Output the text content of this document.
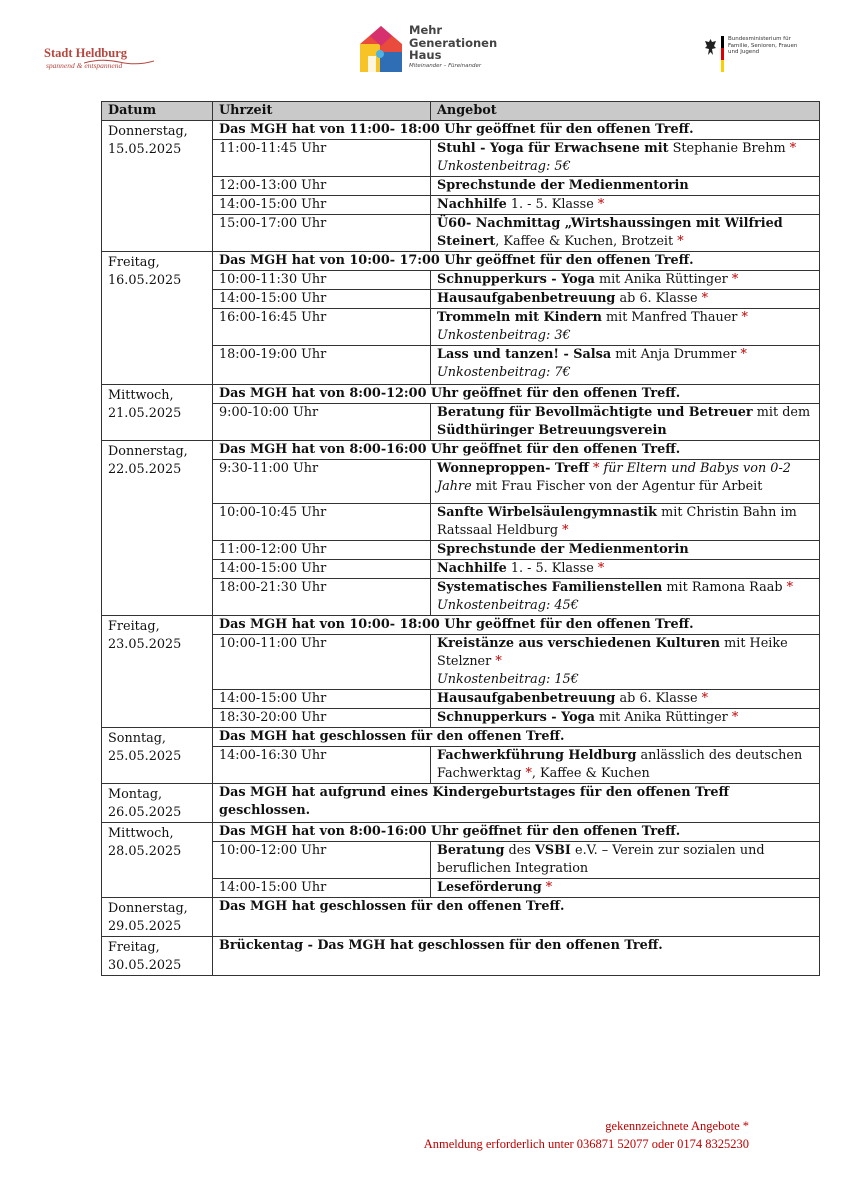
Stadt Heldburg
spannend & entspannend
Mehr
Generationen
Haus
Miteinander – Füreinander
Bundesministerium für Familie, Senioren, Frauen und Jugend
Datum	Uhrzeit	Angebot

Donnerstag,
15.05.2025	Das MGH hat von 11:00- 18:00 Uhr geöffnet für den offenen Treff.	
	11:00-11:45 Uhr	Stuhl - Yoga für Erwachsene mit Stephanie Brehm *
Unkostenbeitrag: 5€
	12:00-13:00 Uhr	Sprechstunde der Medienmentorin
	14:00-15:00 Uhr	Nachhilfe 1. - 5. Klasse *
	15:00-17:00 Uhr	Ü60- Nachmittag „Wirtshaussingen mit Wilfried Steinert, Kaffee & Kuchen, Brotzeit *

Freitag,
16.05.2025	Das MGH hat von 10:00- 17:00 Uhr geöffnet für den offenen Treff.	
	10:00-11:30 Uhr	Schnupperkurs - Yoga mit Anika Rüttinger *
	14:00-15:00 Uhr	Hausaufgabenbetreuung ab 6. Klasse *
	16:00-16:45 Uhr	Trommeln mit Kindern mit Manfred Thauer *
Unkostenbeitrag: 3€
	18:00-19:00 Uhr	Lass und tanzen! - Salsa mit Anja Drummer *
Unkostenbeitrag: 7€

Mittwoch,
21.05.2025	Das MGH hat von 8:00-12:00 Uhr geöffnet für den offenen Treff.	
	9:00-10:00 Uhr	Beratung für Bevollmächtigte und Betreuer mit dem Südthüringer Betreuungsverein

Donnerstag,
22.05.2025	Das MGH hat von 8:00-16:00 Uhr geöffnet für den offenen Treff.	
	9:30-11:00 Uhr	Wonneproppen- Treff * für Eltern und Babys von 0-2 Jahre mit Frau Fischer von der Agentur für Arbeit
	10:00-10:45 Uhr	Sanfte Wirbelsäulengymnastik mit Christin Bahn im Ratssaal Heldburg *
	11:00-12:00 Uhr	Sprechstunde der Medienmentorin
	14:00-15:00 Uhr	Nachhilfe 1. - 5. Klasse *
	18:00-21:30 Uhr	Systematisches Familienstellen mit Ramona Raab *
Unkostenbeitrag: 45€

Freitag,
23.05.2025	Das MGH hat von 10:00- 18:00 Uhr geöffnet für den offenen Treff.	
	10:00-11:00 Uhr	Kreistänze aus verschiedenen Kulturen mit Heike Stelzner *
Unkostenbeitrag: 15€
	14:00-15:00 Uhr	Hausaufgabenbetreuung ab 6. Klasse *
	18:30-20:00 Uhr	Schnupperkurs - Yoga mit Anika Rüttinger *

Sonntag,
25.05.2025	Das MGH hat geschlossen für den offenen Treff.	
	14:00-16:30 Uhr	Fachwerkführung Heldburg anlässlich des deutschen Fachwerktag *, Kaffee & Kuchen

Montag,
26.05.2025	Das MGH hat aufgrund eines Kindergeburtstages für den offenen Treff geschlossen.	

Mittwoch,
28.05.2025	Das MGH hat von 8:00-16:00 Uhr geöffnet für den offenen Treff.	
	10:00-12:00 Uhr	Beratung des VSBI e.V. – Verein zur sozialen und beruflichen Integration
	14:00-15:00 Uhr	Leseförderung *

Donnerstag,
29.05.2025	Das MGH hat geschlossen für den offenen Treff.	

Freitag,
30.05.2025	Brückentag - Das MGH hat geschlossen für den offenen Treff.	
gekennzeichnete Angebote *
Anmeldung erforderlich unter 036871 52077 oder 0174 8325230
